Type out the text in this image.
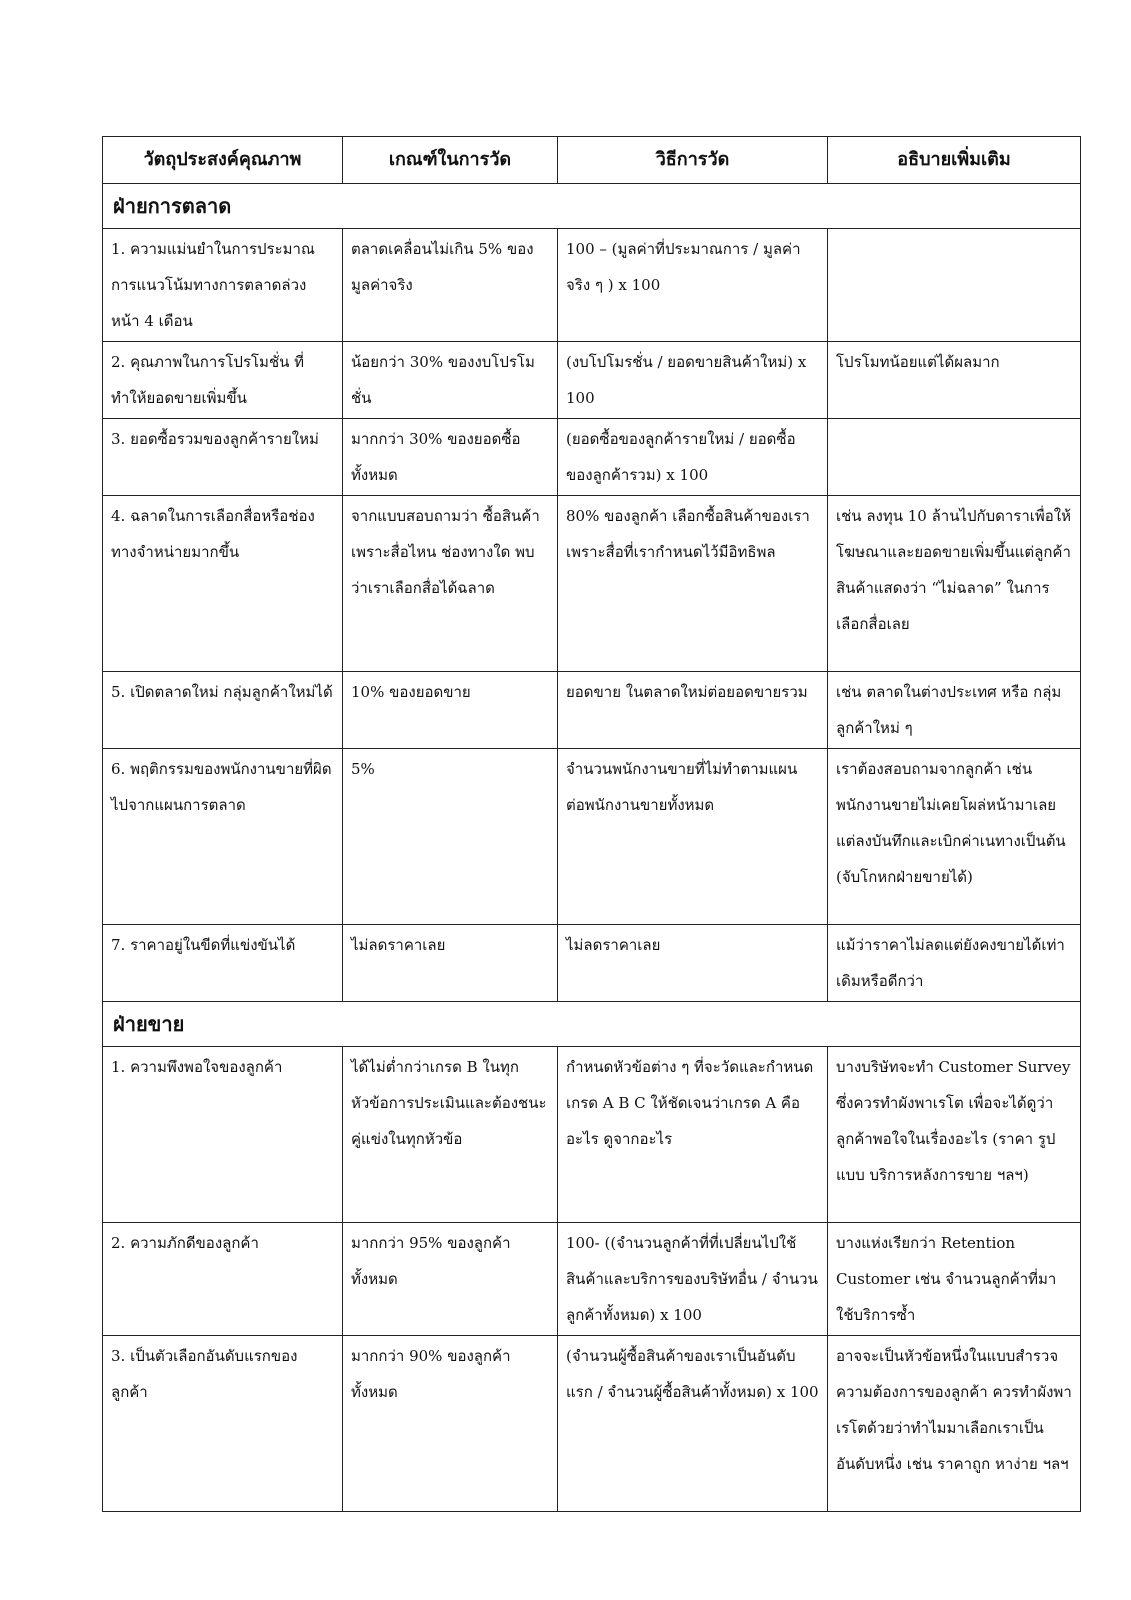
วัตถุประสงค์คุณภาพ	เกณฑ์ในการวัด	วิธีการวัด	อธิบายเพิ่มเติม
ฝ่ายการตลาด			
1. ความแม่นยำในการประมาณการแนวโน้มทางการตลาดล่วงหน้า 4 เดือน	ตลาดเคลื่อนไม่เกิน 5% ของมูลค่าจริง	100 – (มูลค่าที่ประมาณการ / มูลค่าจริง ๆ ) x 100	
2. คุณภาพในการโปรโมชั่น ที่ทำให้ยอดขายเพิ่มขึ้น	น้อยกว่า 30% ของงบโปรโมชั่น	(งบโปโมรชั่น / ยอดขายสินค้าใหม่) x 100	โปรโมทน้อยแต่ได้ผลมาก
3. ยอดซื้อรวมของลูกค้ารายใหม่	มากกว่า 30% ของยอดซื้อทั้งหมด	(ยอดซื้อของลูกค้ารายใหม่ / ยอดซื้อของลูกค้ารวม) x 100	
4. ฉลาดในการเลือกสื่อหรือช่องทางจำหน่ายมากขึ้น	จากแบบสอบถามว่า ซื้อสินค้าเพราะสื่อไหน ช่องทางใด พบว่าเราเลือกสื่อได้ฉลาด	80% ของลูกค้า เลือกซื้อสินค้าของเราเพราะสื่อที่เรากำหนดไว้มีอิทธิพล	เช่น ลงทุน 10 ล้านไปกับดาราเพื่อให้โฆษณาและยอดขายเพิ่มขึ้นแต่ลูกค้าสินค้าแสดงว่า “ไม่ฉลาด” ในการเลือกสื่อเลย
5. เปิดตลาดใหม่ กลุ่มลูกค้าใหม่ได้	10% ของยอดขาย	ยอดขาย ในตลาดใหม่ต่อยอดขายรวม	เช่น ตลาดในต่างประเทศ หรือ กลุ่มลูกค้าใหม่ ๆ
6. พฤติกรรมของพนักงานขายที่ผิดไปจากแผนการตลาด	5%	จำนวนพนักงานขายที่ไม่ทำตามแผน ต่อพนักงานขายทั้งหมด	เราต้องสอบถามจากลูกค้า เช่น พนักงานขายไม่เคยโผล่หน้ามาเลยแต่ลงบันทึกและเบิกค่าเนทางเป็นต้น (จับโกหกฝ่ายขายได้)
7. ราคาอยู่ในขีดที่แข่งขันได้	ไม่ลดราคาเลย	ไม่ลดราคาเลย	แม้ว่าราคาไม่ลดแต่ยังคงขายได้เท่าเดิมหรือดีกว่า
ฝ่ายขาย			
1. ความพึงพอใจของลูกค้า	ได้ไม่ต่ำกว่าเกรด B ในทุกหัวข้อการประเมินและต้องชนะคู่แข่งในทุกหัวข้อ	กำหนดหัวข้อต่าง ๆ ที่จะวัดและกำหนด เกรด A B C ให้ชัดเจนว่าเกรด A คืออะไร ดูจากอะไร	บางบริษัทจะทำ Customer Survey ซึ่งควรทำผังพาเรโต เพื่อจะได้ดูว่าลูกค้าพอใจในเรื่องอะไร (ราคา รูปแบบ บริการหลังการขาย ฯลฯ)
2. ความภักดีของลูกค้า	มากกว่า 95% ของลูกค้าทั้งหมด	100- ((จำนวนลูกค้าที่ที่เปลี่ยนไปใช้สินค้าและบริการของบริษัทอื่น / จำนวนลูกค้าทั้งหมด) x 100	บางแห่งเรียกว่า Retention Customer เช่น จำนวนลูกค้าที่มาใช้บริการซ้ำ
3. เป็นตัวเลือกอันดับแรกของลูกค้า	มากกว่า 90% ของลูกค้าทั้งหมด	(จำนวนผู้ซื้อสินค้าของเราเป็นอันดับแรก / จำนวนผู้ซื้อสินค้าทั้งหมด) x 100	อาจจะเป็นหัวข้อหนึ่งในแบบสำรวจความต้องการของลูกค้า ควรทำผังพาเรโตด้วยว่าทำไมมาเลือกเราเป็นอันดับหนึ่ง เช่น ราคาถูก หาง่าย ฯลฯ
